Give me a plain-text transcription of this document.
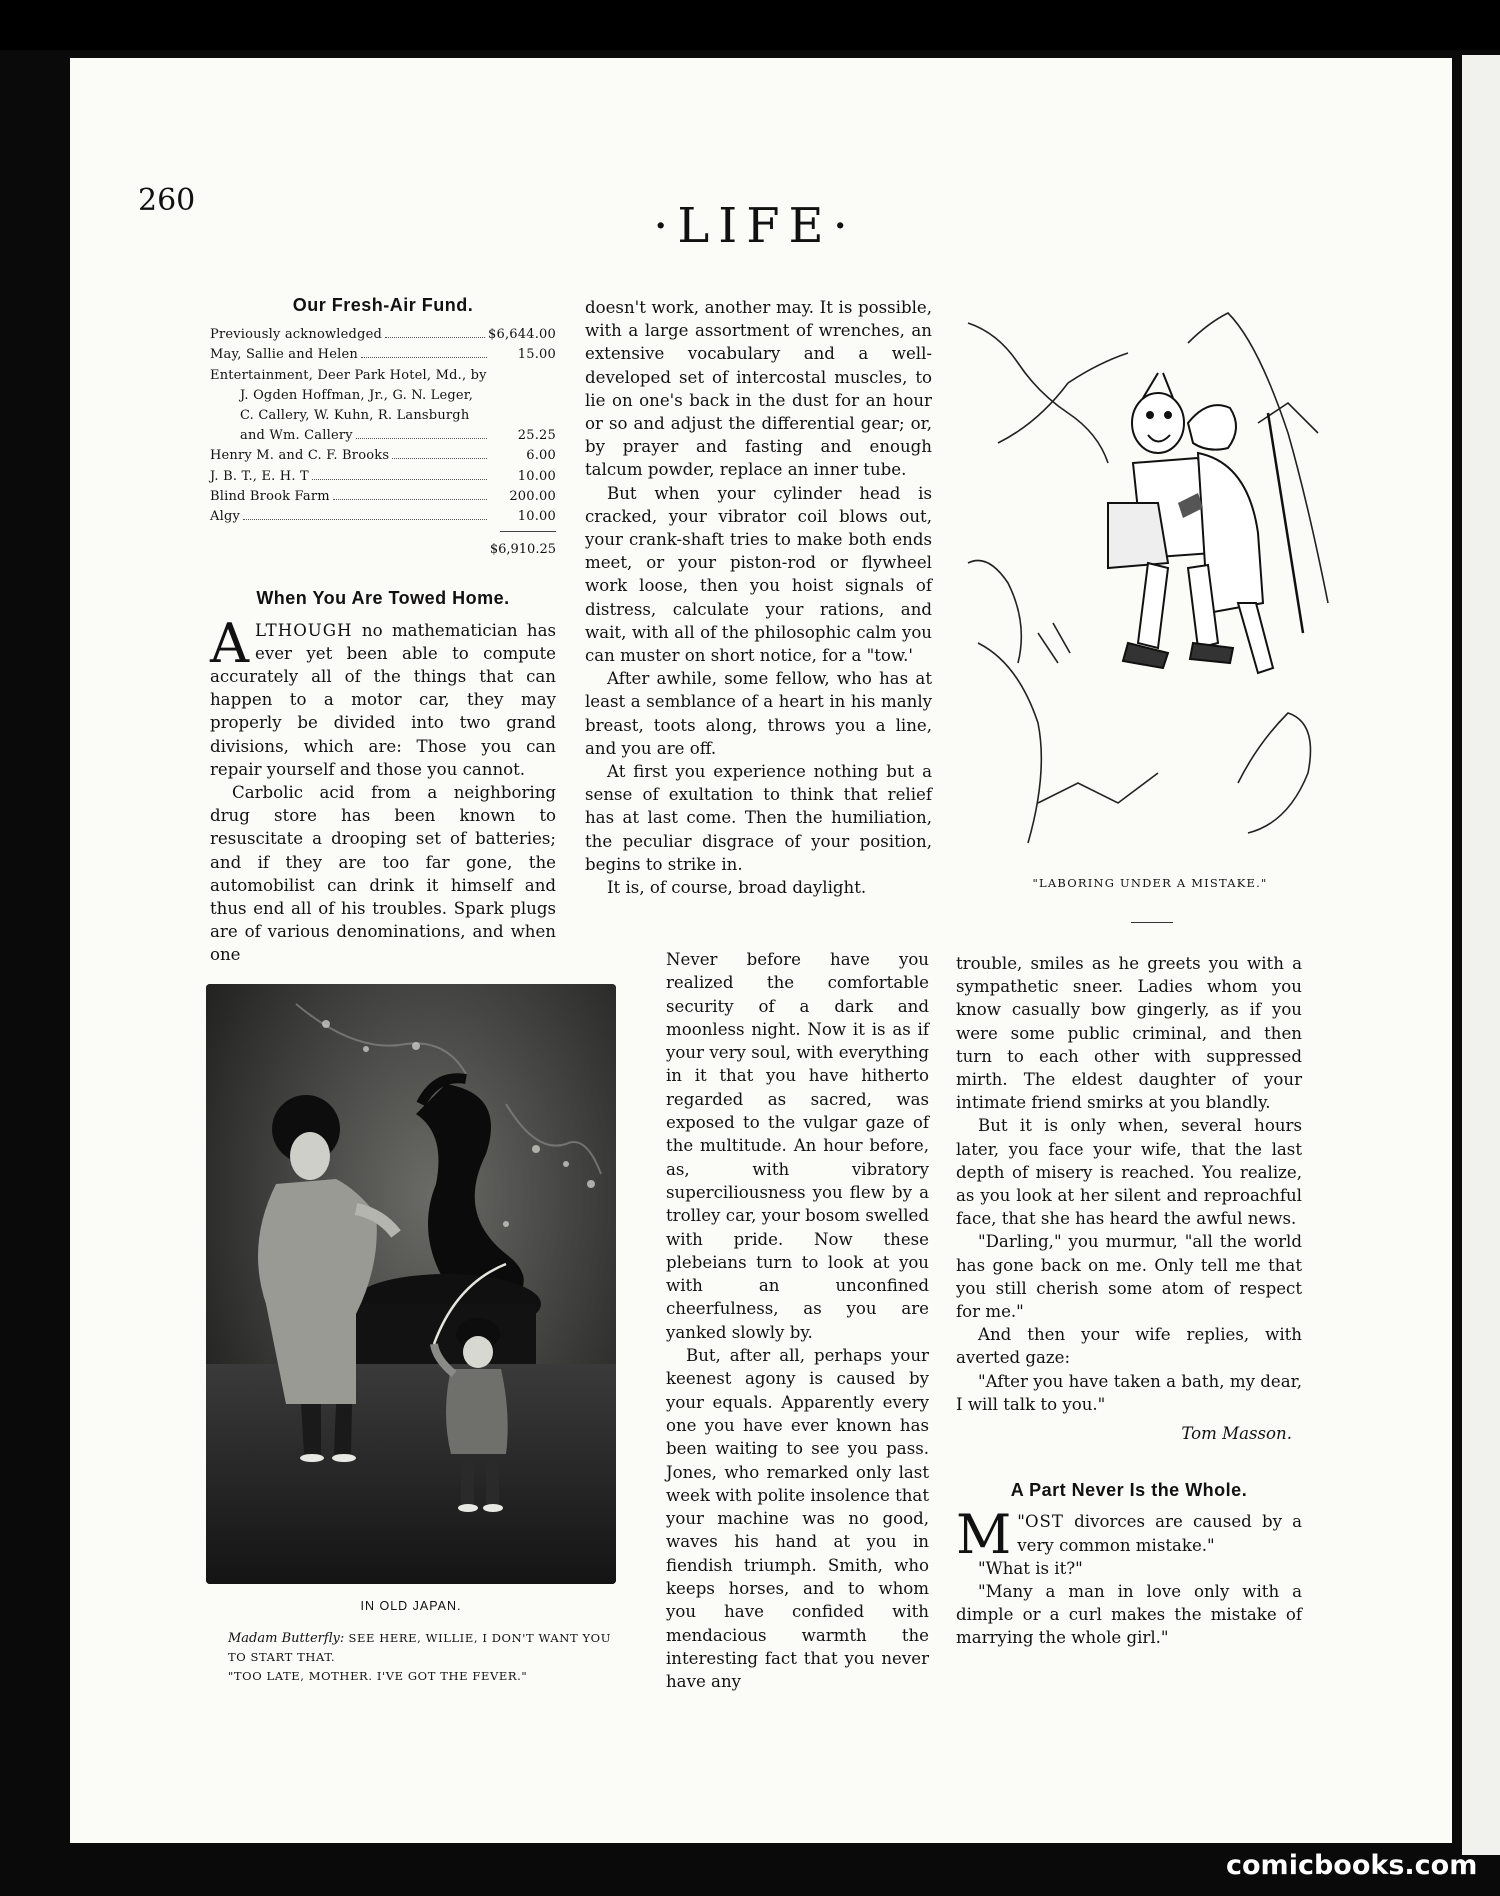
260	·LIFE·
Our Fresh-Air Fund.
Previously acknowledged	$6,644.00
May, Sallie and Helen	15.00
Entertainment, Deer Park Hotel, Md., by
J. Ogden Hoffman, Jr., G. N. Leger,
C. Callery, W. Kuhn, R. Lansburgh
and Wm. Callery	25.25
Henry M. and C. F. Brooks	6.00
J. B. T., E. H. T	10.00
Blind Brook Farm	200.00
Algy	10.00
$6,910.25
When You Are Towed Home.

ALTHOUGH no mathematician has ever yet been able to compute accurately all of the things that can happen to a motor car, they may properly be divided into two grand divisions, which are: Those you can repair yourself and those you cannot.

Carbolic acid from a neighboring drug store has been known to resuscitate a drooping set of batteries; and if they are too far gone, the automobilist can drink it himself and thus end all of his troubles. Spark plugs are of various denominations, and when one

doesn't work, another may. It is possible, with a large assortment of wrenches, an extensive vocabulary and a well-developed set of intercostal muscles, to lie on one's back in the dust for an hour or so and adjust the differential gear; or, by prayer and fasting and enough talcum powder, replace an inner tube.

But when your cylinder head is cracked, your vibrator coil blows out, your crank-shaft tries to make both ends meet, or your piston-rod or flywheel work loose, then you hoist signals of distress, calculate your rations, and wait, with all of the philosophic calm you can muster on short notice, for a "tow.'

After awhile, some fellow, who has at least a semblance of a heart in his manly breast, toots along, throws you a line, and you are off.

At first you experience nothing but a sense of exultation to think that relief has at last come. Then the humiliation, the peculiar disgrace of your position, begins to strike in.

It is, of course, broad daylight.

Never before have you realized the comfortable security of a dark and moonless night. Now it is as if your very soul, with everything in it that you have hitherto regarded as sacred, was exposed to the vulgar gaze of the multitude. An hour before, as, with vibratory superciliousness you flew by a trolley car, your bosom swelled with pride. Now these plebeians turn to look at you with an unconfined cheerfulness, as you are yanked slowly by.

But, after all, perhaps your keenest agony is caused by your equals. Apparently every one you have ever known has been waiting to see you pass. Jones, who remarked only last week with polite insolence that your machine was no good, waves his hand at you in fiendish triumph. Smith, who keeps horses, and to whom you have confided with mendacious warmth the interesting fact that you never have any

trouble, smiles as he greets you with a sympathetic sneer. Ladies whom you know casually bow gingerly, as if you were some public criminal, and then turn to each other with suppressed mirth. The eldest daughter of your intimate friend smirks at you blandly.

But it is only when, several hours later, you face your wife, that the last depth of misery is reached. You realize, as you look at her silent and reproachful face, that she has heard the awful news.

"Darling," you murmur, "all the world has gone back on me. Only tell me that you still cherish some atom of respect for me."

And then your wife replies, with averted gaze:

"After you have taken a bath, my dear, I will talk to you."

Tom Masson.
A Part Never Is the Whole.

"
M OST divorces are caused by a very common mistake."

"What is it?"

"Many a man in love only with a dimple or a curl makes the mistake of marrying the whole girl."

IN OLD JAPAN.

Madam Butterfly: SEE HERE, WILLIE, I DON'T WANT YOU TO START THAT.

"TOO LATE, MOTHER. I'VE GOT THE FEVER."

"LABORING UNDER A MISTAKE."
comicbooks.com
